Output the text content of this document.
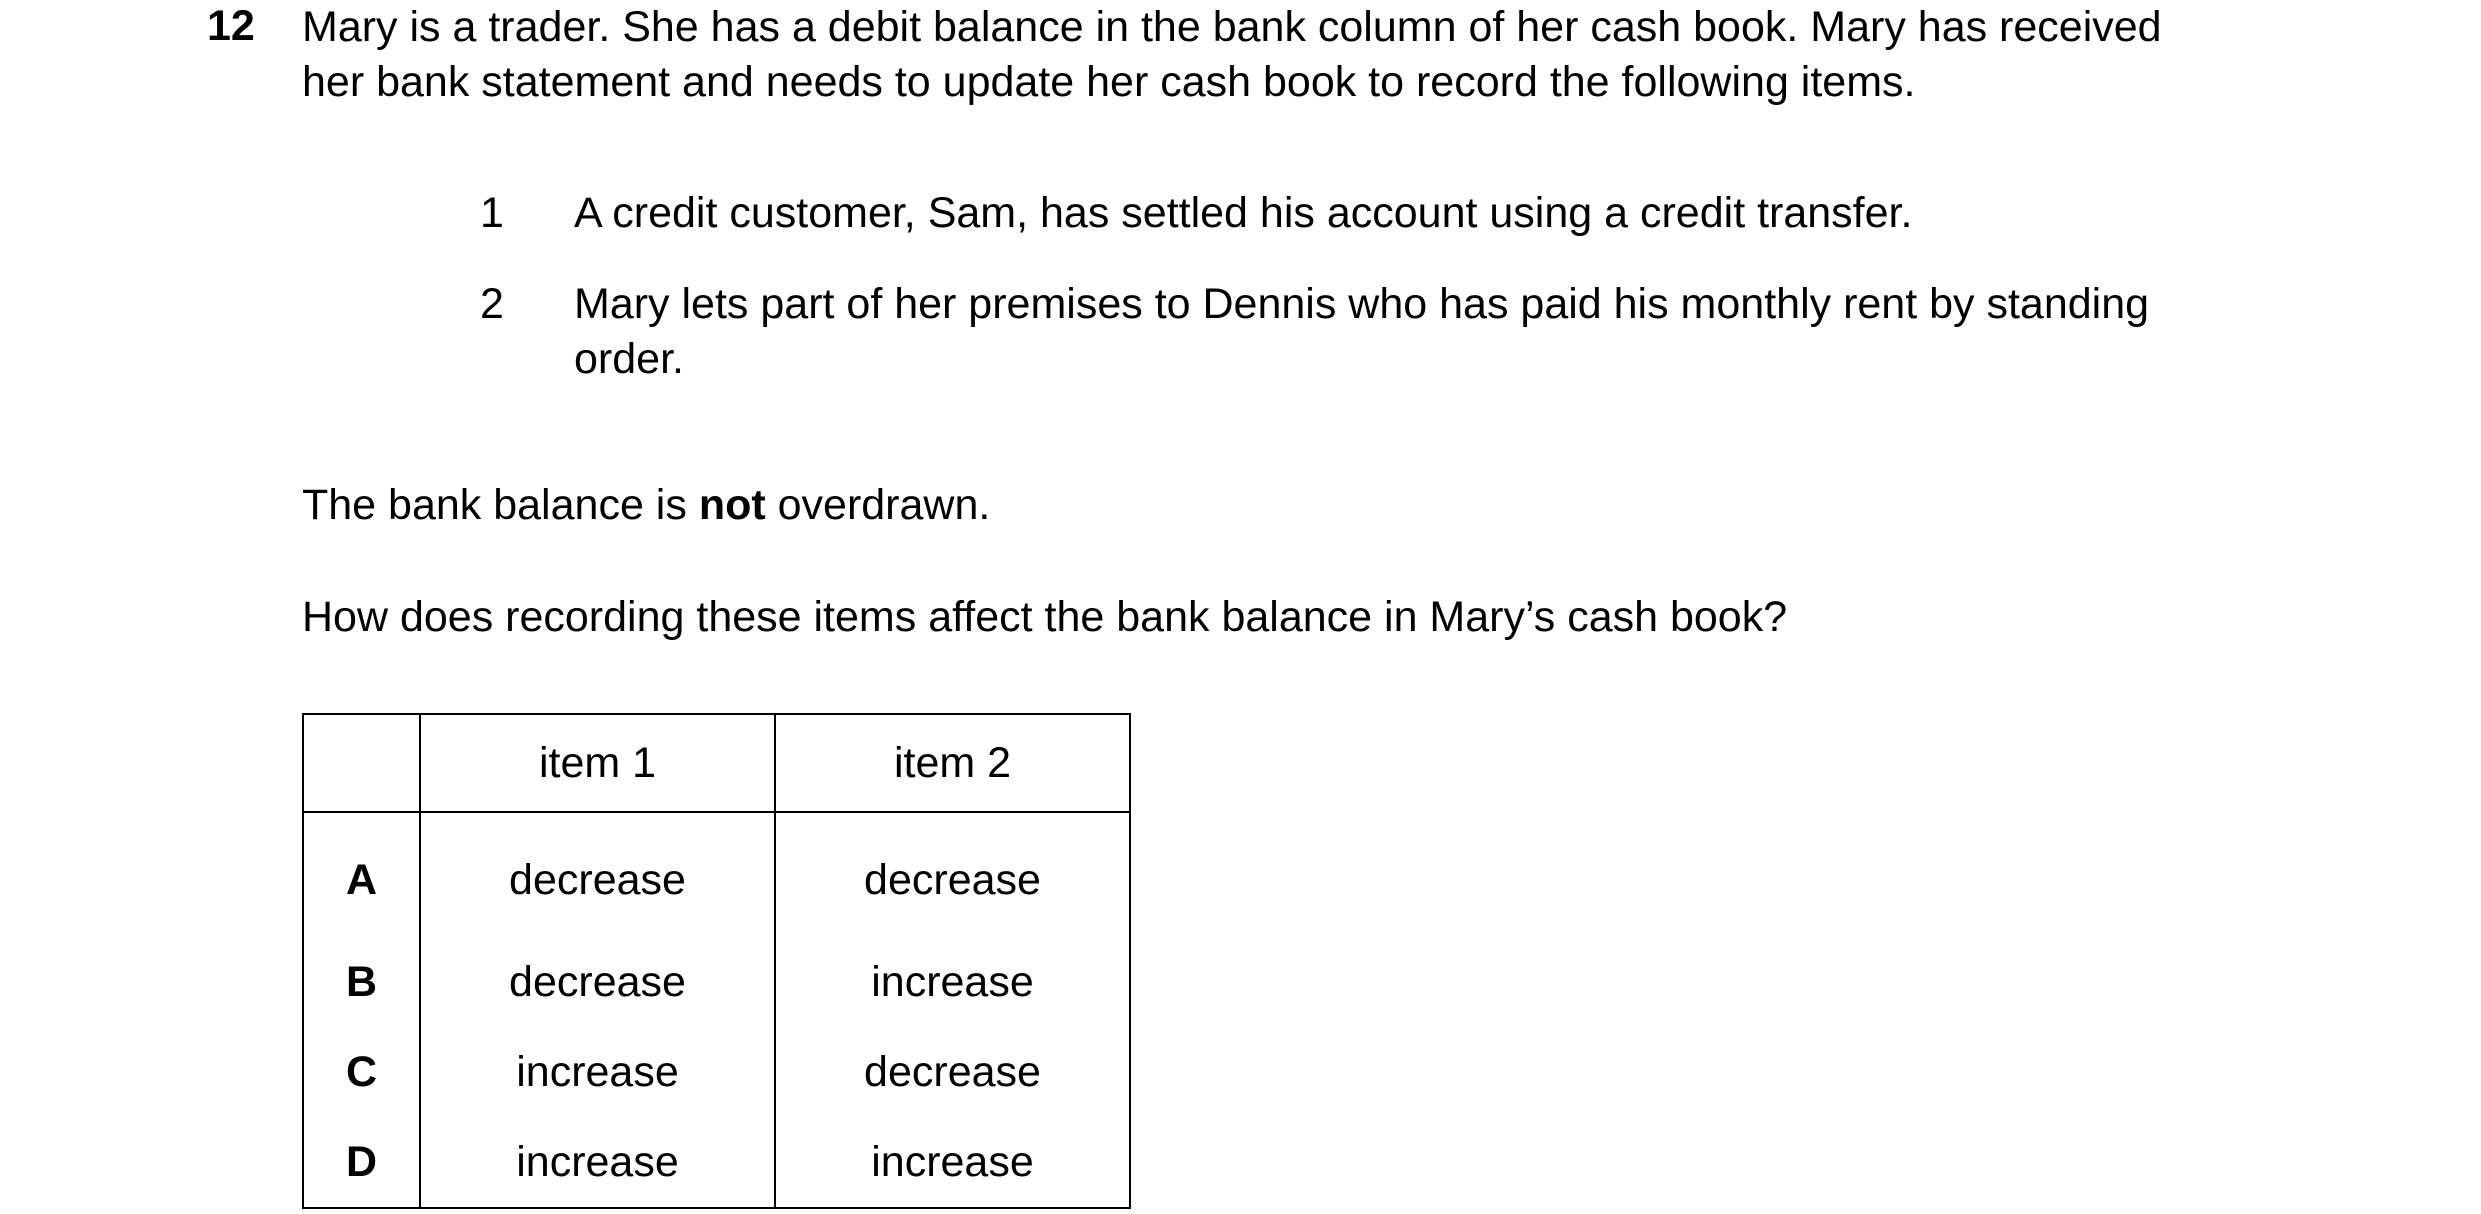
12 Mary is a trader. She has a debit balance in the bank column of her cash book. Mary has received

her bank statement and needs to update her cash book to record the following items.

1	A credit customer, Sam, has settled his account using a credit transfer.
2	Mary lets part of her premises to Dennis who has paid his monthly rent by standing
order.
The bank balance is not overdrawn.
How does recording these items affect the bank balance in Mary’s cash book?
	item 1	item 2
A	decrease	decrease
B	decrease	increase
C	increase	decrease
D	increase	increase
